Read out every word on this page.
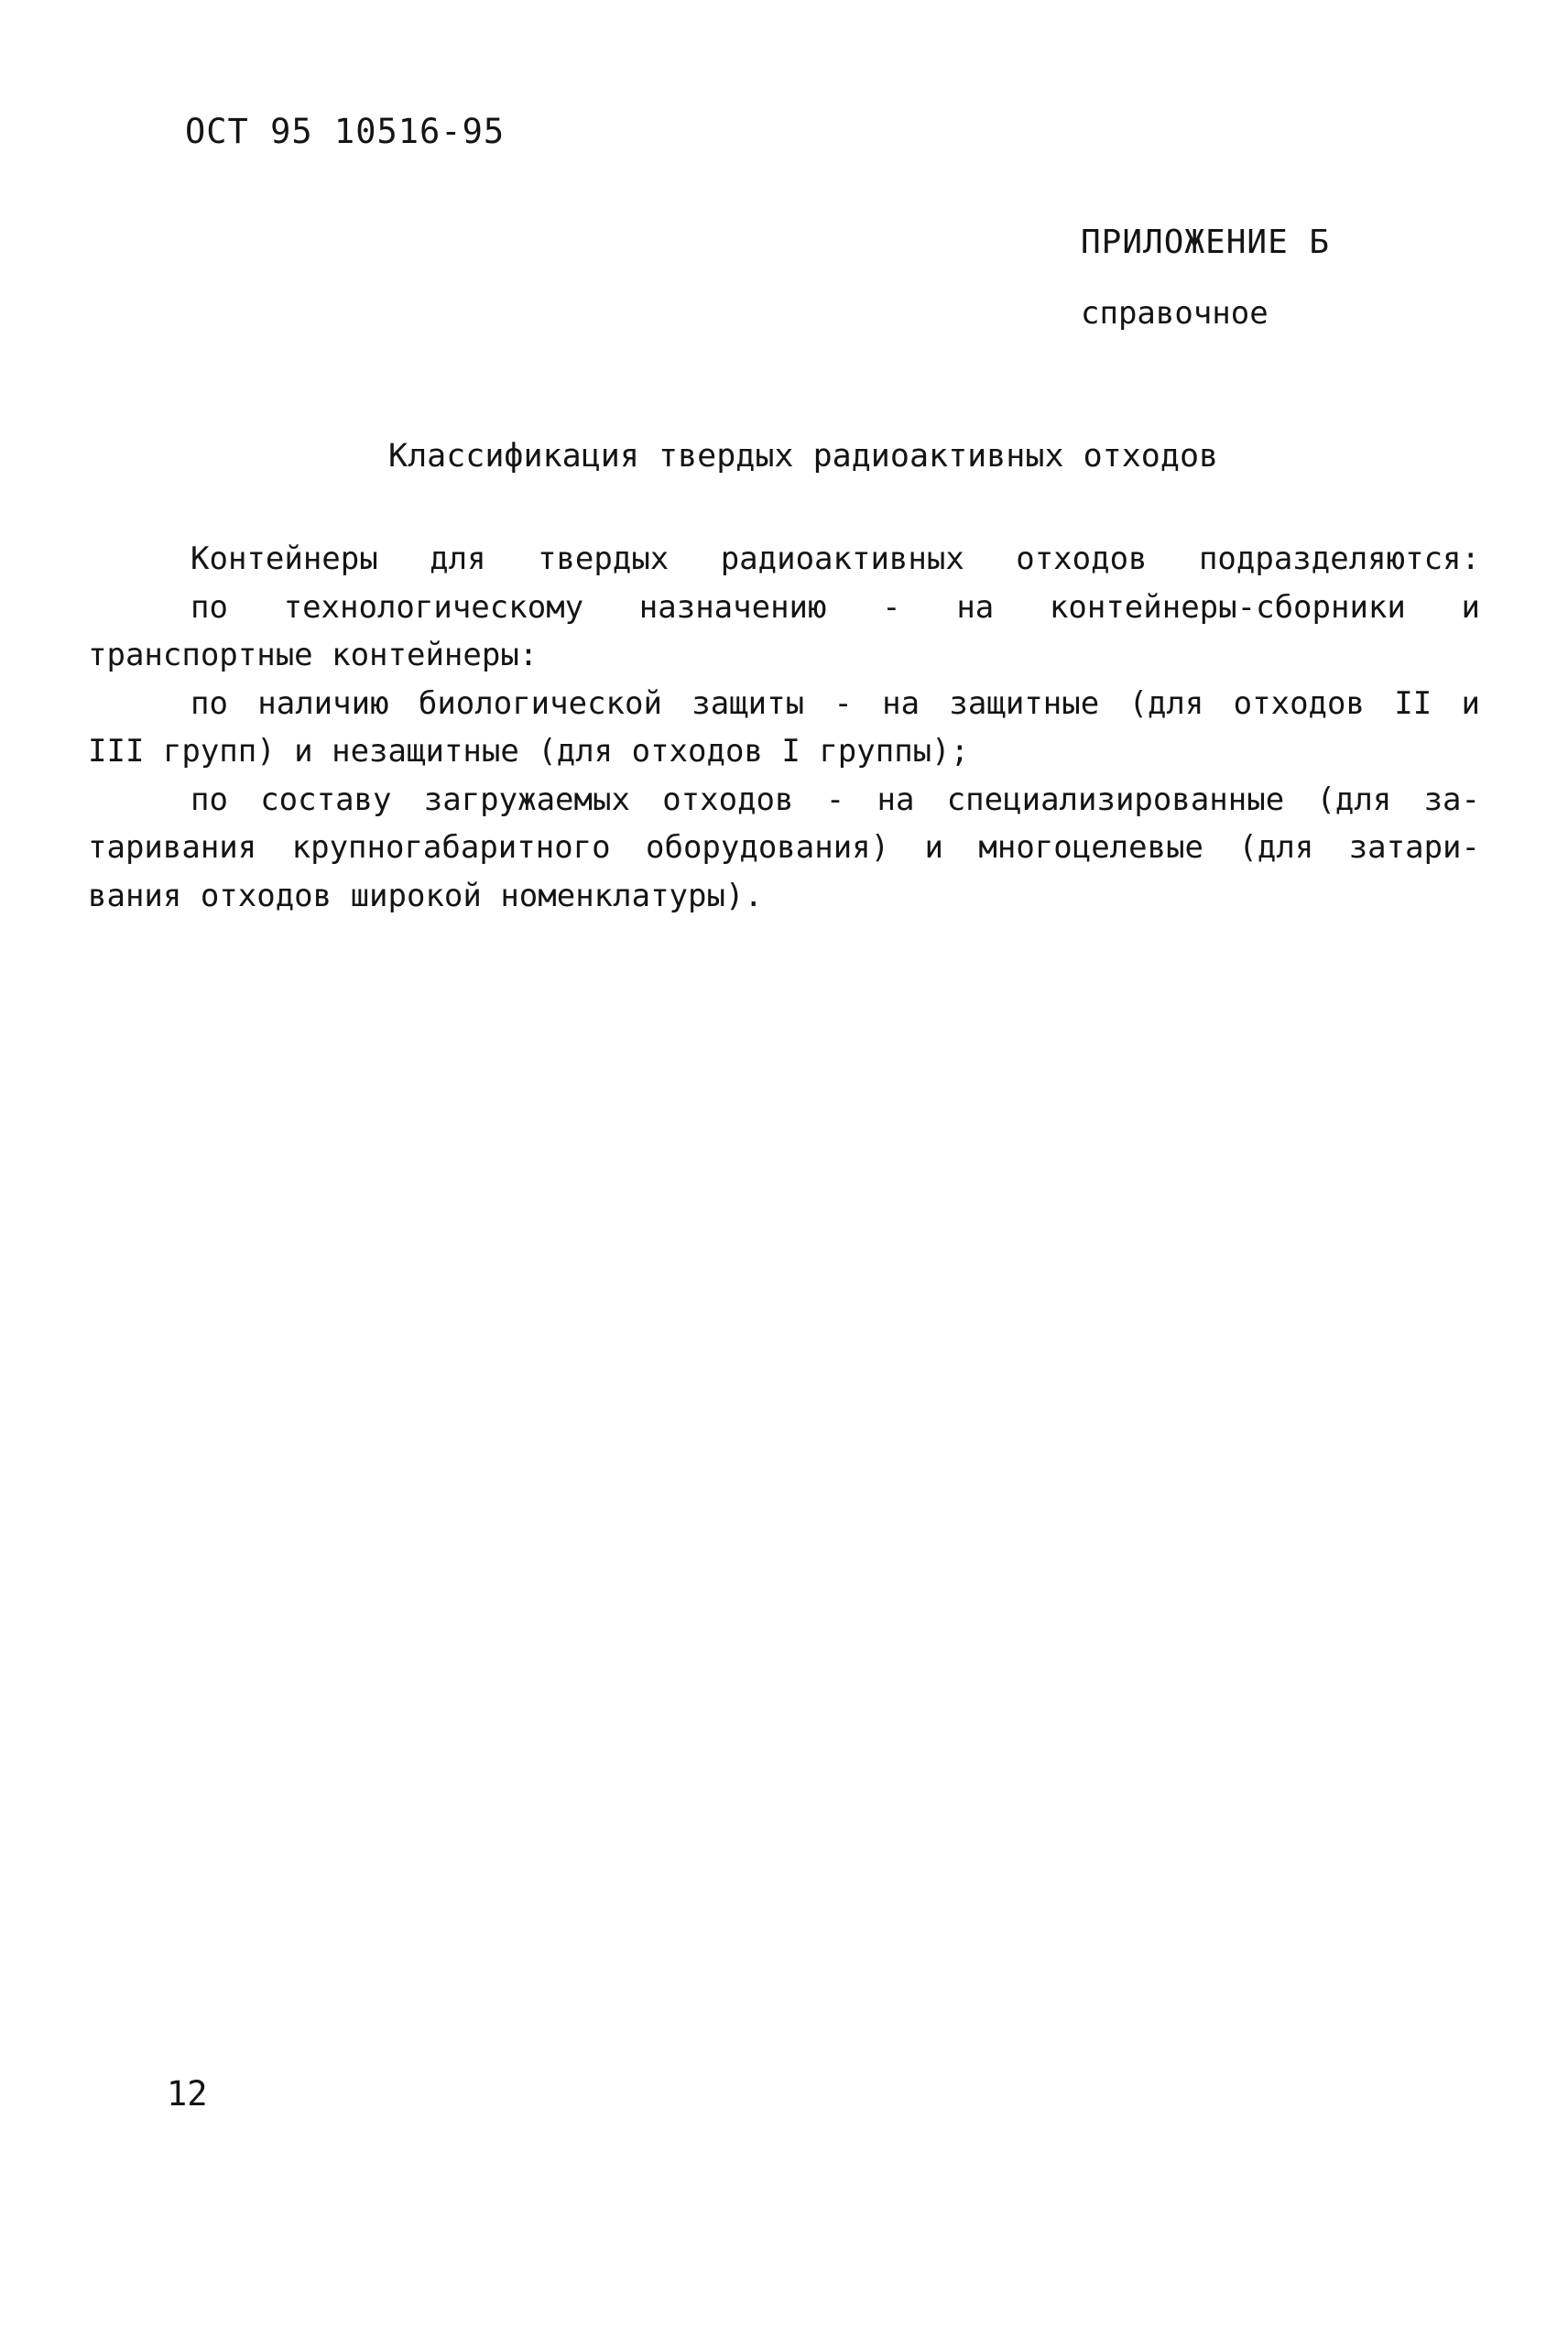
ОСТ 95 10516-95
ПРИЛОЖЕНИЕ Б
справочное
Классификация твердых радиоактивных отходов
Контейнеры для твердых радиоактивных отходов подразделяются:
по технологическому назначению - на контейнеры-сборники и
транспортные контейнеры:
по наличию биологической защиты - на защитные (для отходов II и
III групп) и незащитные (для отходов I группы);
по составу загружаемых отходов - на специализированные (для за-
таривания крупногабаритного оборудования) и многоцелевые (для затари-
вания отходов широкой номенклатуры).
12
